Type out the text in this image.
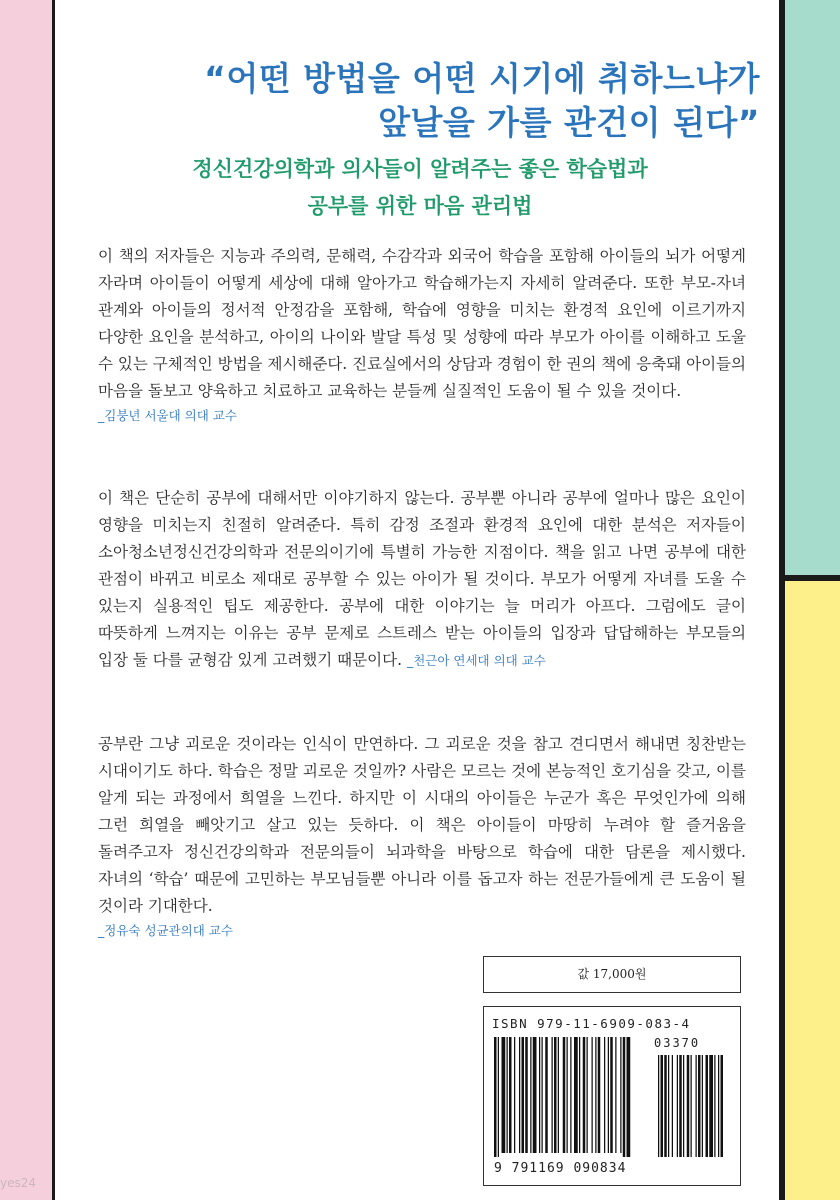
“어떤 방법을 어떤 시기에 취하느냐가
앞날을 가를 관건이 된다”
정신건강의학과 의사들이 알려주는 좋은 학습법과
공부를 위한 마음 관리법
이 책의 저자들은 지능과 주의력, 문해력, 수감각과 외국어 학습을 포함해 아이들의 뇌가 어떻게 자라며 아이들이 어떻게 세상에 대해 알아가고 학습해가는지 자세히 알려준다. 또한 부모-자녀 관계와 아이들의 정서적 안정감을 포함해, 학습에 영향을 미치는 환경적 요인에 이르기까지 다양한 요인을 분석하고, 아이의 나이와 발달 특성 및 성향에 따라 부모가 아이를 이해하고 도울 수 있는 구체적인 방법을 제시해준다. 진료실에서의 상담과 경험이 한 권의 책에 응축돼 아이들의 마음을 돌보고 양육하고 치료하고 교육하는 분들께 실질적인 도움이 될 수 있을 것이다.
_김붕년 서울대 의대 교수
이 책은 단순히 공부에 대해서만 이야기하지 않는다. 공부뿐 아니라 공부에 얼마나 많은 요인이 영향을 미치는지 친절히 알려준다. 특히 감정 조절과 환경적 요인에 대한 분석은 저자들이 소아청소년정신건강의학과 전문의이기에 특별히 가능한 지점이다. 책을 읽고 나면 공부에 대한 관점이 바뀌고 비로소 제대로 공부할 수 있는 아이가 될 것이다. 부모가 어떻게 자녀를 도울 수 있는지 실용적인 팁도 제공한다. 공부에 대한 이야기는 늘 머리가 아프다. 그럼에도 글이 따뜻하게 느껴지는 이유는 공부 문제로 스트레스 받는 아이들의 입장과 답답해하는 부모들의 입장 둘 다를 균형감 있게 고려했기 때문이다. _천근아 연세대 의대 교수
공부란 그냥 괴로운 것이라는 인식이 만연하다. 그 괴로운 것을 참고 견디면서 해내면 칭찬받는 시대이기도 하다. 학습은 정말 괴로운 것일까? 사람은 모르는 것에 본능적인 호기심을 갖고, 이를 알게 되는 과정에서 희열을 느낀다. 하지만 이 시대의 아이들은 누군가 혹은 무엇인가에 의해 그런 희열을 빼앗기고 살고 있는 듯하다. 이 책은 아이들이 마땅히 누려야 할 즐거움을 돌려주고자 정신건강의학과 전문의들이 뇌과학을 바탕으로 학습에 대한 담론을 제시했다. 자녀의 ‘학습’ 때문에 고민하는 부모님들뿐 아니라 이를 돕고자 하는 전문가들에게 큰 도움이 될 것이라 기대한다.
_정유숙 성균관의대 교수
값 17,000원
ISBN 979-11-6909-083-4
03370
9 791169 090834
yes24
